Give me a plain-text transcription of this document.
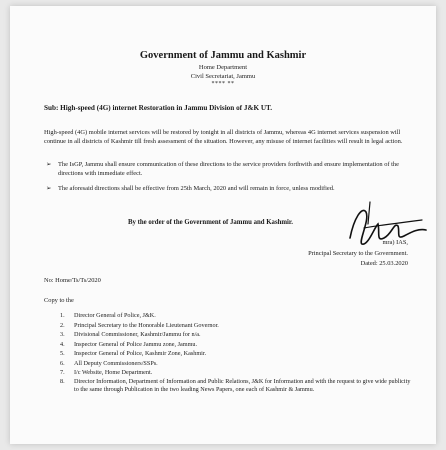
Government of Jammu and Kashmir
Home Department
Civil Secretariat, Jammu
**** **
Sub: High-speed (4G) internet Restoration in Jammu Division of J&K UT.
High-speed (4G) mobile internet services will be restored by tonight in all districts of Jammu, whereas 4G internet services suspension will continue in all districts of Kashmir till fresh assessment of the situation. However, any misuse of internet facilities will result in legal action.
➢ The IsGP, Jammu shall ensure communication of these directions to the service providers forthwith and ensure implementation of the directions with immediate effect.
➢ The aforesaid directions shall be effective from 25th March, 2020 and will remain in force, unless modified.
By the order of the Government of Jammu and Kashmir.
mra) IAS,
Principal Secretary to the Government.
Dated: 25.03.2020
No: Home/Ts/Ts/2020
Copy to the
1. Director General of Police, J&K.
2. Principal Secretary to the Honorable Lieutenant Governor.
3. Divisional Commissioner, Kashmir/Jammu for n/a.
4. Inspector General of Police Jammu zone, Jammu.
5. Inspector General of Police, Kashmir Zone, Kashmir.
6. All Deputy Commissioners/SSPs.
7. I/c Website, Home Department.
8. Director Information, Department of Information and Public Relations, J&K for Information and with the request to give wide publicity to the same through Publication in the two leading News Papers, one each of Kashmir & Jammu.
